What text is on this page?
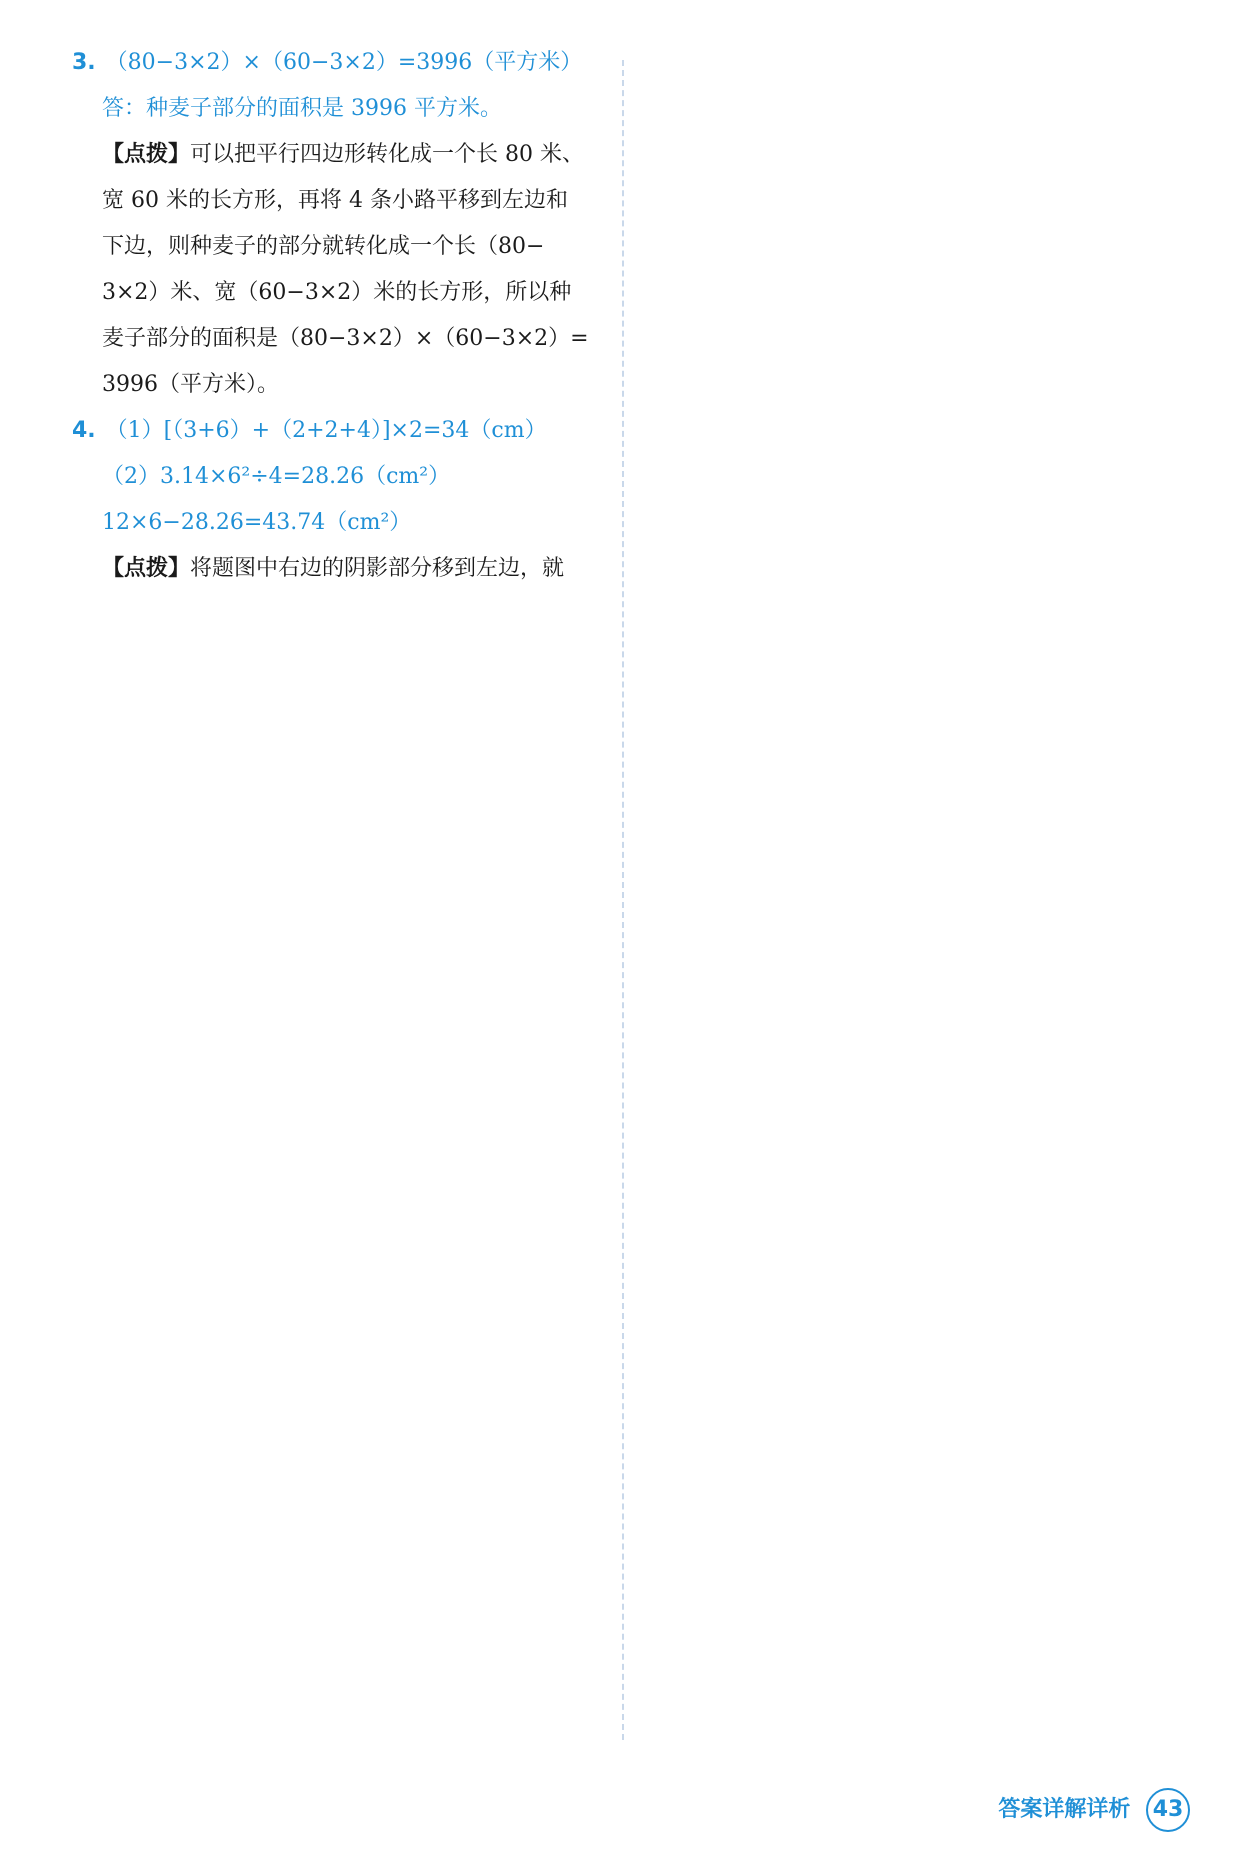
3. （80−3×2）×（60−3×2）=3996（平方米）
答：种麦子部分的面积是 3996 平方米。
【点拨】可以把平行四边形转化成一个长 80 米、
宽 60 米的长方形，再将 4 条小路平移到左边和
下边，则种麦子的部分就转化成一个长（80−
3×2）米、宽（60−3×2）米的长方形，所以种
麦子部分的面积是（80−3×2）×（60−3×2）=
3996（平方米）。
4. （1）[（3+6）+（2+2+4）]×2=34（cm）
（2）3.14×6²÷4=28.26（cm²）
12×6−28.26=43.74（cm²）
【点拨】将题图中右边的阴影部分移到左边，就
答案详解详析 43
